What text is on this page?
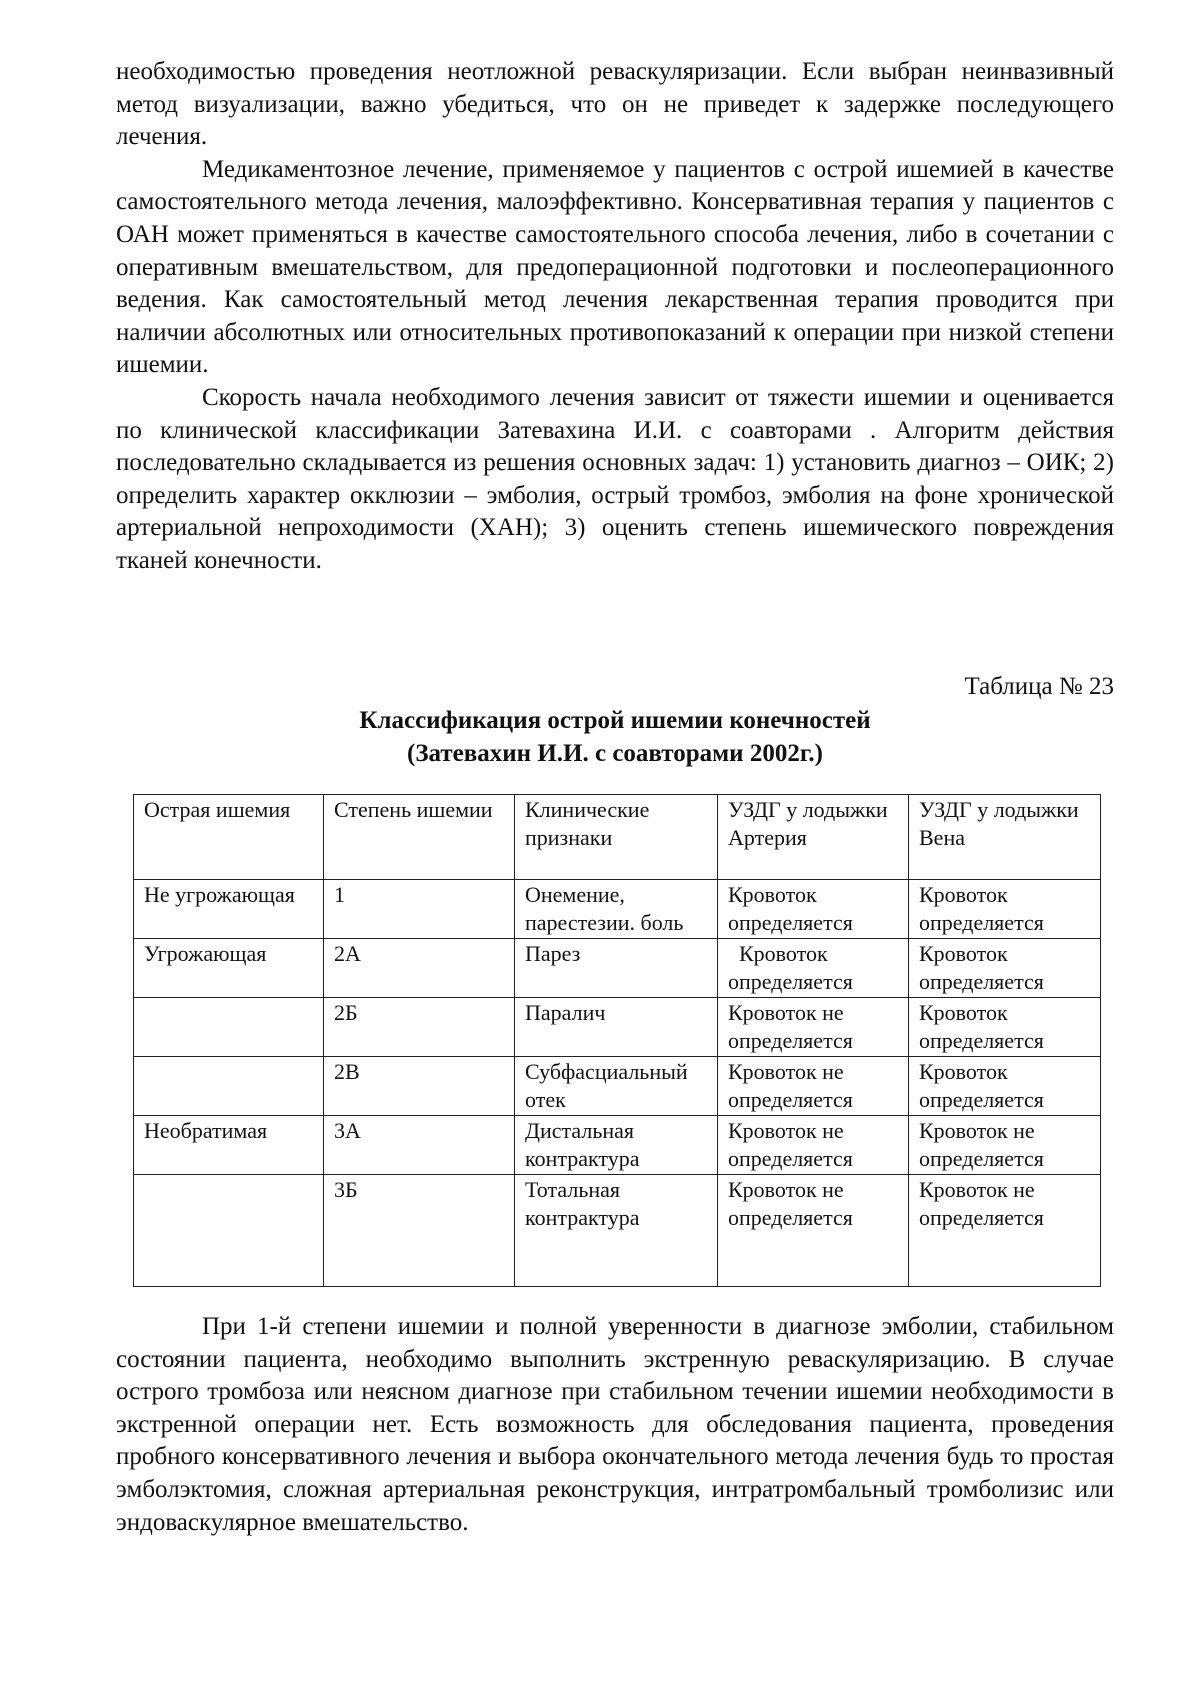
необходимостью проведения неотложной реваскуляризации. Если выбран неинвазивный метод визуализации, важно убедиться, что он не приведет к задержке последующего лечения.

Медикаментозное лечение, применяемое у пациентов с острой ишемией в качестве самостоятельного метода лечения, малоэффективно. Консервативная терапия у пациентов с ОАН может применяться в качестве самостоятельного способа лечения, либо в сочетании с оперативным вмешательством, для предоперационной подготовки и послеоперационного ведения. Как самостоятельный метод лечения лекарственная терапия проводится при наличии абсолютных или относительных противопоказаний к операции при низкой степени ишемии.

Скорость начала необходимого лечения зависит от тяжести ишемии и оценивается по клинической классификации Затевахина И.И. с соавторами . Алгоритм действия последовательно складывается из решения основных задач: 1) установить диагноз – ОИК; 2) определить характер окклюзии – эмболия, острый тромбоз, эмболия на фоне хронической артериальной непроходимости (ХАН); 3) оценить степень ишемического повреждения тканей конечности.

Таблица № 23
Классификация острой ишемии конечностей
(Затевахин И.И. с соавторами 2002г.)
Острая ишемия	Степень ишемии	Клинические признаки	УЗДГ у лодыжки Артерия	УЗДГ у лодыжки Вена
Не угрожающая	1	Онемение, парестезии. боль	Кровоток определяется	Кровоток определяется
Угрожающая	2А	Парез	Кровоток определяется	Кровоток определяется
	2Б	Паралич	Кровоток не определяется	Кровоток определяется
	2В	Субфасциальный отек	Кровоток не определяется	Кровоток определяется
Необратимая	3А	Дистальная контрактура	Кровоток не определяется	Кровоток не определяется
	3Б	Тотальная контрактура	Кровоток не определяется	Кровоток не определяется

При 1-й степени ишемии и полной уверенности в диагнозе эмболии, стабильном состоянии пациента, необходимо выполнить экстренную реваскуляризацию. В случае острого тромбоза или неясном диагнозе при стабильном течении ишемии необходимости в экстренной операции нет. Есть возможность для обследования пациента, проведения пробного консервативного лечения и выбора окончательного метода лечения будь то простая эмболэктомия, сложная артериальная реконструкция, интратромбальный тромболизис или эндоваскулярное вмешательство.
